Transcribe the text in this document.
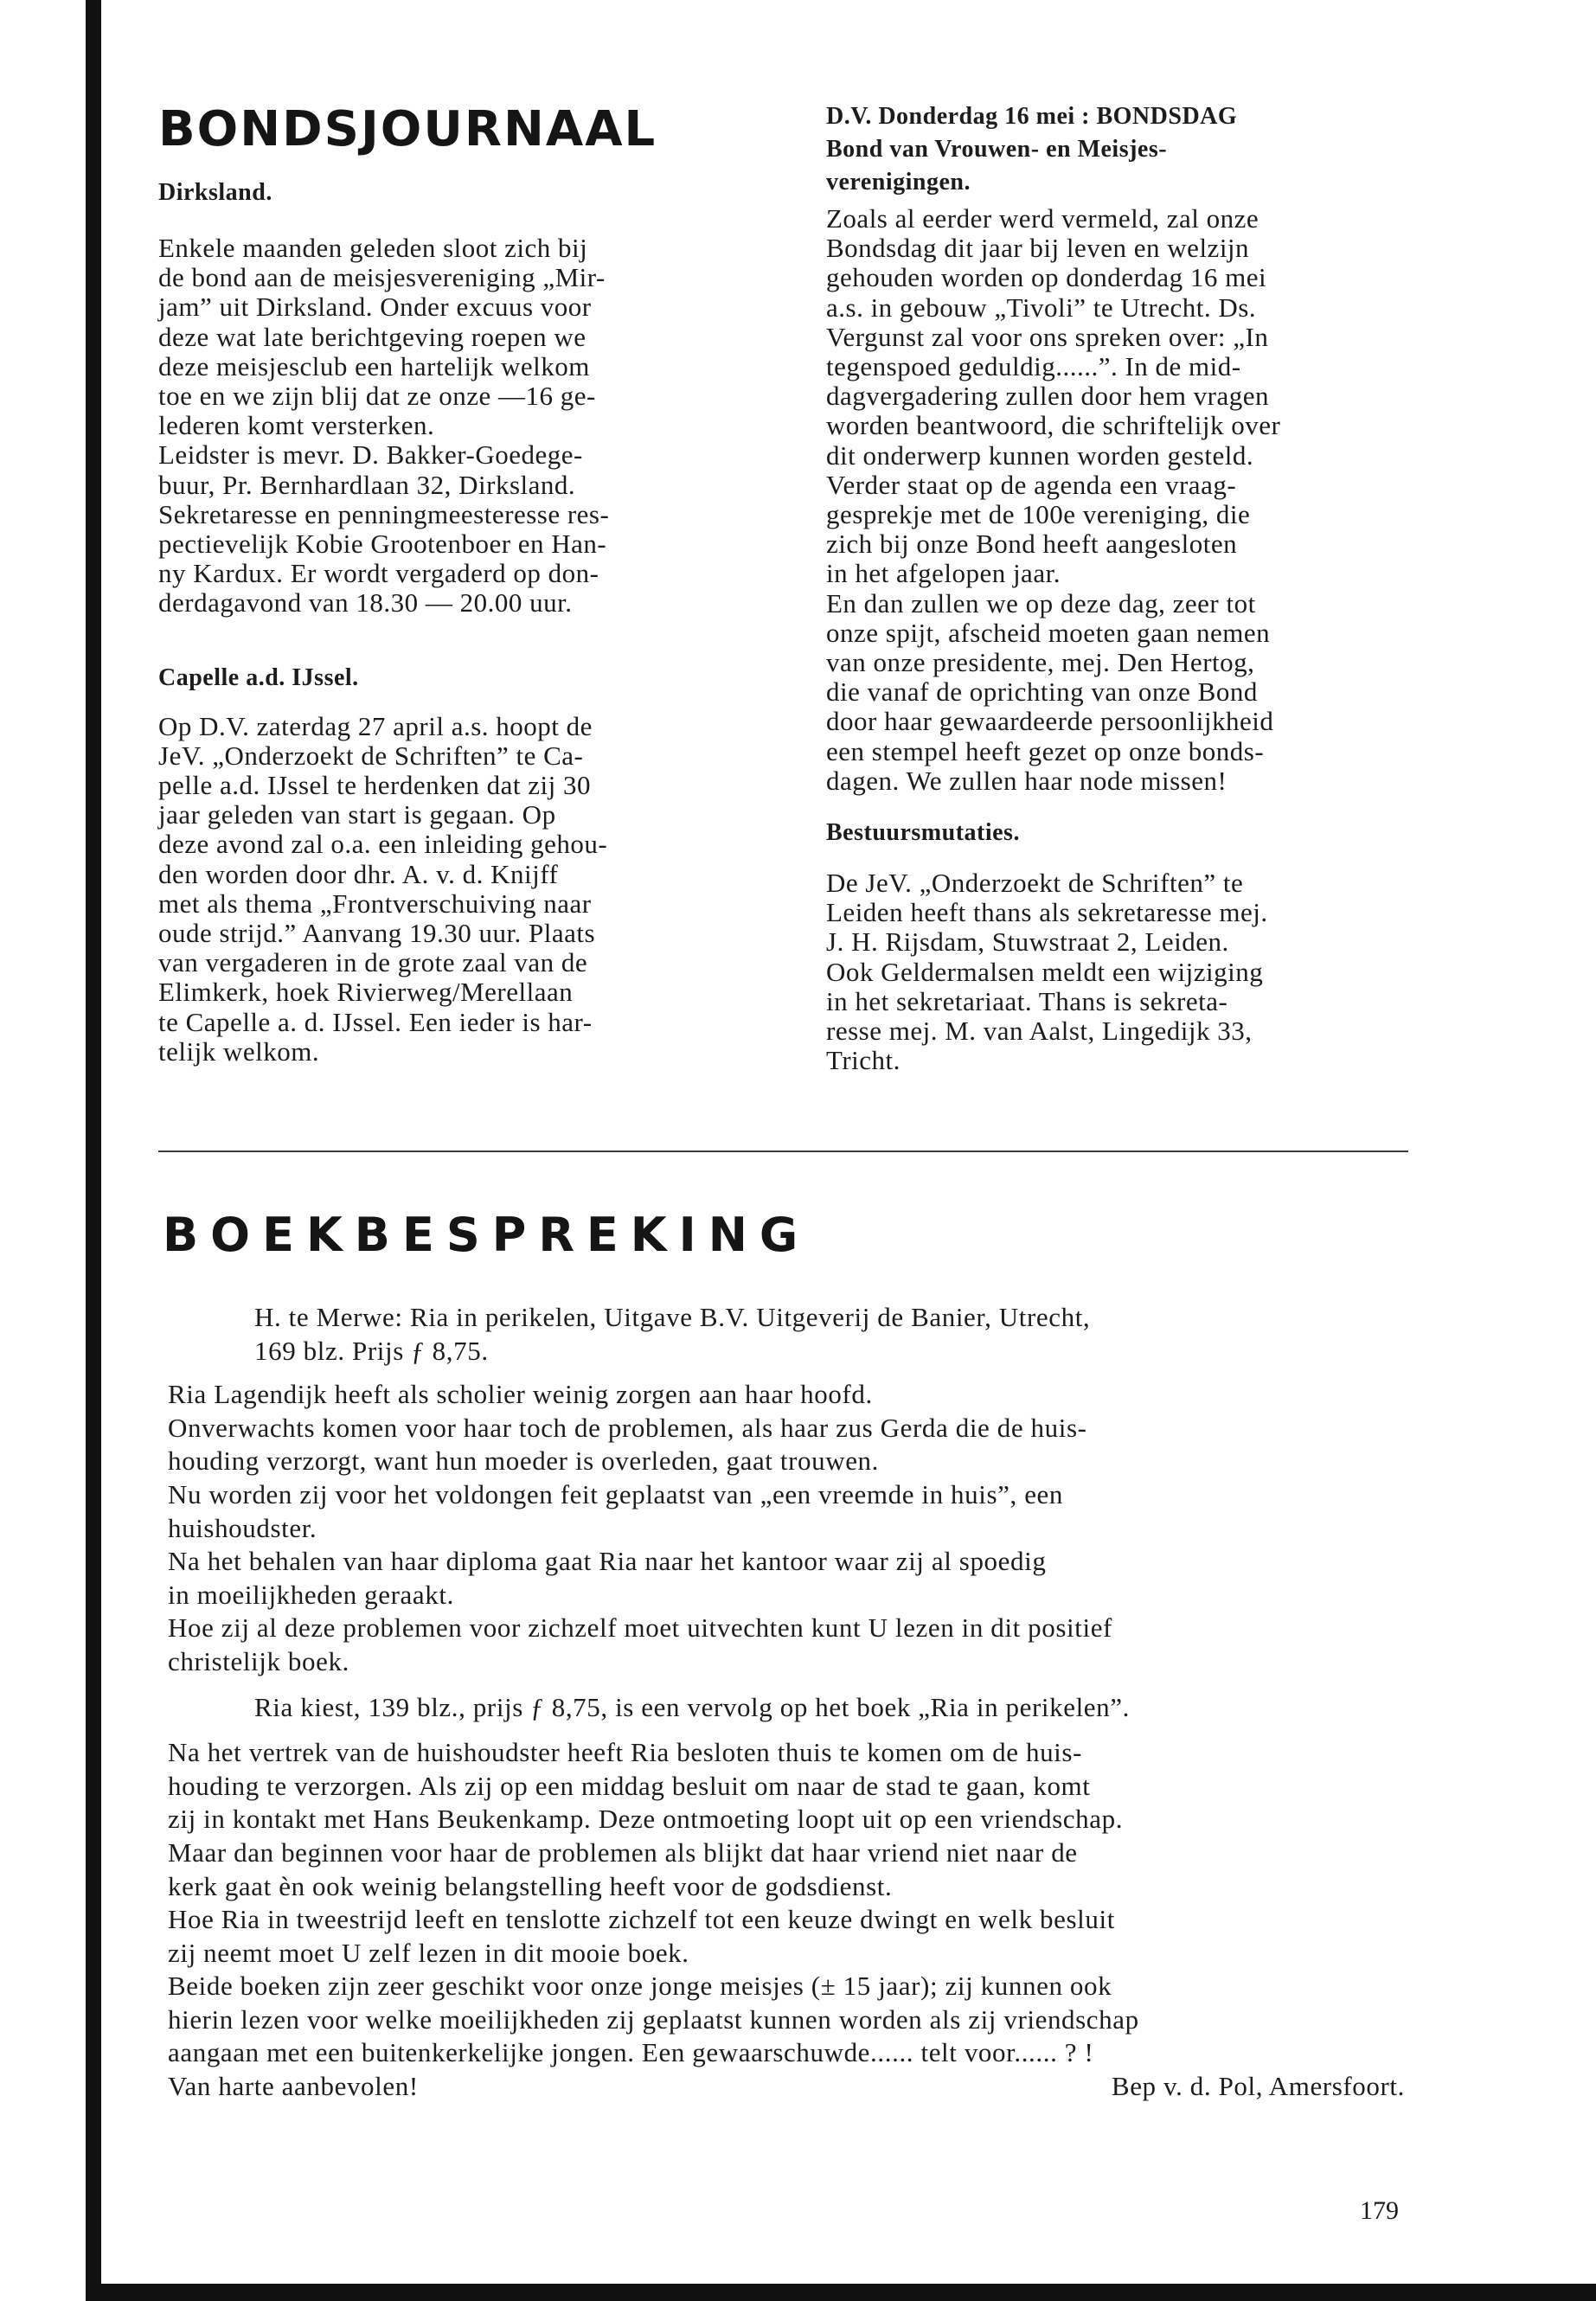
BONDSJOURNAAL
Dirksland.

Enkele maanden geleden sloot zich bij

de bond aan de meisjesvereniging „Mir-

jam” uit Dirksland. Onder excuus voor

deze wat late berichtgeving roepen we

deze meisjesclub een hartelijk welkom

toe en we zijn blij dat ze onze —16 ge-

lederen komt versterken.

Leidster is mevr. D. Bakker-Goedege-

buur, Pr. Bernhardlaan 32, Dirksland.

Sekretaresse en penningmeesteresse res-

pectievelijk Kobie Grootenboer en Han-

ny Kardux. Er wordt vergaderd op don-

derdagavond van 18.30 — 20.00 uur.

Capelle a.d. IJssel.

Op D.V. zaterdag 27 april a.s. hoopt de

JeV. „Onderzoekt de Schriften” te Ca-

pelle a.d. IJssel te herdenken dat zij 30

jaar geleden van start is gegaan. Op

deze avond zal o.a. een inleiding gehou-

den worden door dhr. A. v. d. Knijff

met als thema „Frontverschuiving naar

oude strijd.” Aanvang 19.30 uur. Plaats

van vergaderen in de grote zaal van de

Elimkerk, hoek Rivierweg/Merellaan

te Capelle a. d. IJssel. Een ieder is har-

telijk welkom.

D.V. Donderdag 16 mei : BONDSDAG

Bond van Vrouwen- en Meisjes-

verenigingen.

Zoals al eerder werd vermeld, zal onze

Bondsdag dit jaar bij leven en welzijn

gehouden worden op donderdag 16 mei

a.s. in gebouw „Tivoli” te Utrecht. Ds.

Vergunst zal voor ons spreken over: „In

tegenspoed geduldig......”. In de mid-

dagvergadering zullen door hem vragen

worden beantwoord, die schriftelijk over

dit onderwerp kunnen worden gesteld.

Verder staat op de agenda een vraag-

gesprekje met de 100e vereniging, die

zich bij onze Bond heeft aangesloten

in het afgelopen jaar.

En dan zullen we op deze dag, zeer tot

onze spijt, afscheid moeten gaan nemen

van onze presidente, mej. Den Hertog,

die vanaf de oprichting van onze Bond

door haar gewaardeerde persoonlijkheid

een stempel heeft gezet op onze bonds-

dagen. We zullen haar node missen!

Bestuursmutaties.

De JeV. „Onderzoekt de Schriften” te

Leiden heeft thans als sekretaresse mej.

J. H. Rijsdam, Stuwstraat 2, Leiden.

Ook Geldermalsen meldt een wijziging

in het sekretariaat. Thans is sekreta-

resse mej. M. van Aalst, Lingedijk 33,

Tricht.

BOEKBESPREKING

H. te Merwe: Ria in perikelen, Uitgave B.V. Uitgeverij de Banier, Utrecht,

169 blz. Prijs ƒ 8,75.

Ria Lagendijk heeft als scholier weinig zorgen aan haar hoofd.

Onverwachts komen voor haar toch de problemen, als haar zus Gerda die de huis-

houding verzorgt, want hun moeder is overleden, gaat trouwen.

Nu worden zij voor het voldongen feit geplaatst van „een vreemde in huis”, een

huishoudster.

Na het behalen van haar diploma gaat Ria naar het kantoor waar zij al spoedig

in moeilijkheden geraakt.

Hoe zij al deze problemen voor zichzelf moet uitvechten kunt U lezen in dit positief

christelijk boek.

Ria kiest, 139 blz., prijs ƒ 8,75, is een vervolg op het boek „Ria in perikelen”.

Na het vertrek van de huishoudster heeft Ria besloten thuis te komen om de huis-

houding te verzorgen. Als zij op een middag besluit om naar de stad te gaan, komt

zij in kontakt met Hans Beukenkamp. Deze ontmoeting loopt uit op een vriendschap.

Maar dan beginnen voor haar de problemen als blijkt dat haar vriend niet naar de

kerk gaat èn ook weinig belangstelling heeft voor de godsdienst.

Hoe Ria in tweestrijd leeft en tenslotte zichzelf tot een keuze dwingt en welk besluit

zij neemt moet U zelf lezen in dit mooie boek.

Beide boeken zijn zeer geschikt voor onze jonge meisjes (± 15 jaar); zij kunnen ook

hierin lezen voor welke moeilijkheden zij geplaatst kunnen worden als zij vriendschap

aangaan met een buitenkerkelijke jongen. Een gewaarschuwde...... telt voor...... ? !

Van harte aanbevolen!	Bep v. d. Pol, Amersfoort.

179
